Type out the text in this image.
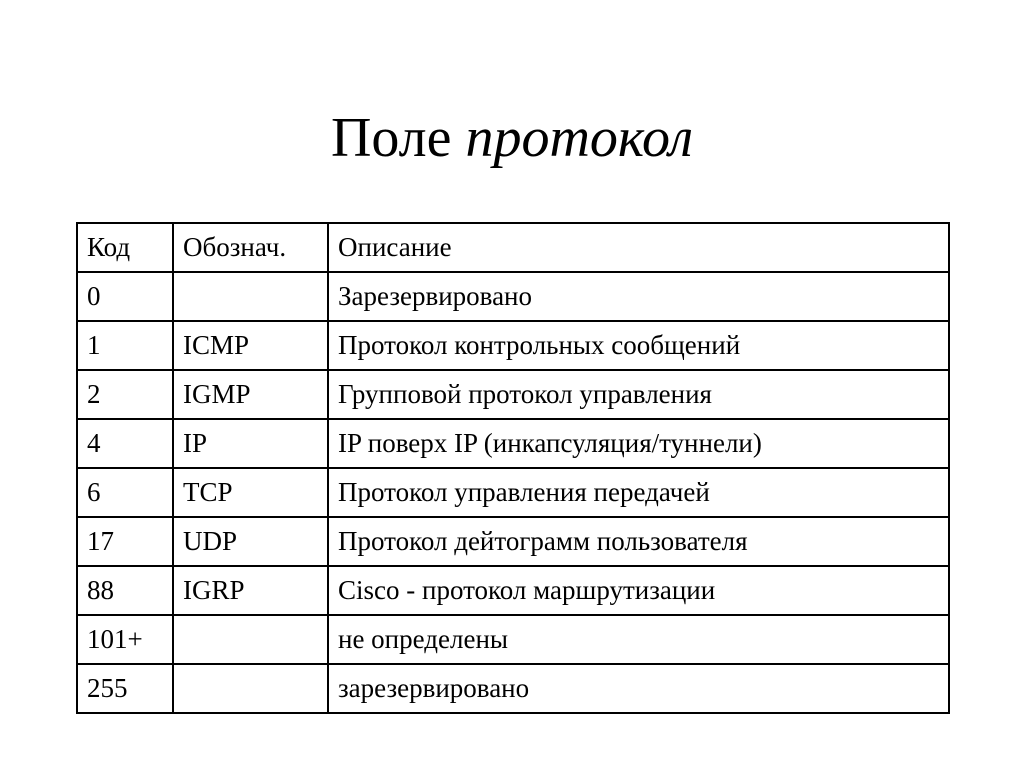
Поле протокол
Код	Обознач.	Описание
0		Зарезервировано
1	ICMP	Протокол контрольных сообщений
2	IGMP	Групповой протокол управления
4	IP	IP поверх IP (инкапсуляция/туннели)
6	TCP	Протокол управления передачей
17	UDP	Протокол дейтограмм пользователя
88	IGRP	Cisco - протокол маршрутизации
101+		не определены
255		зарезервировано
